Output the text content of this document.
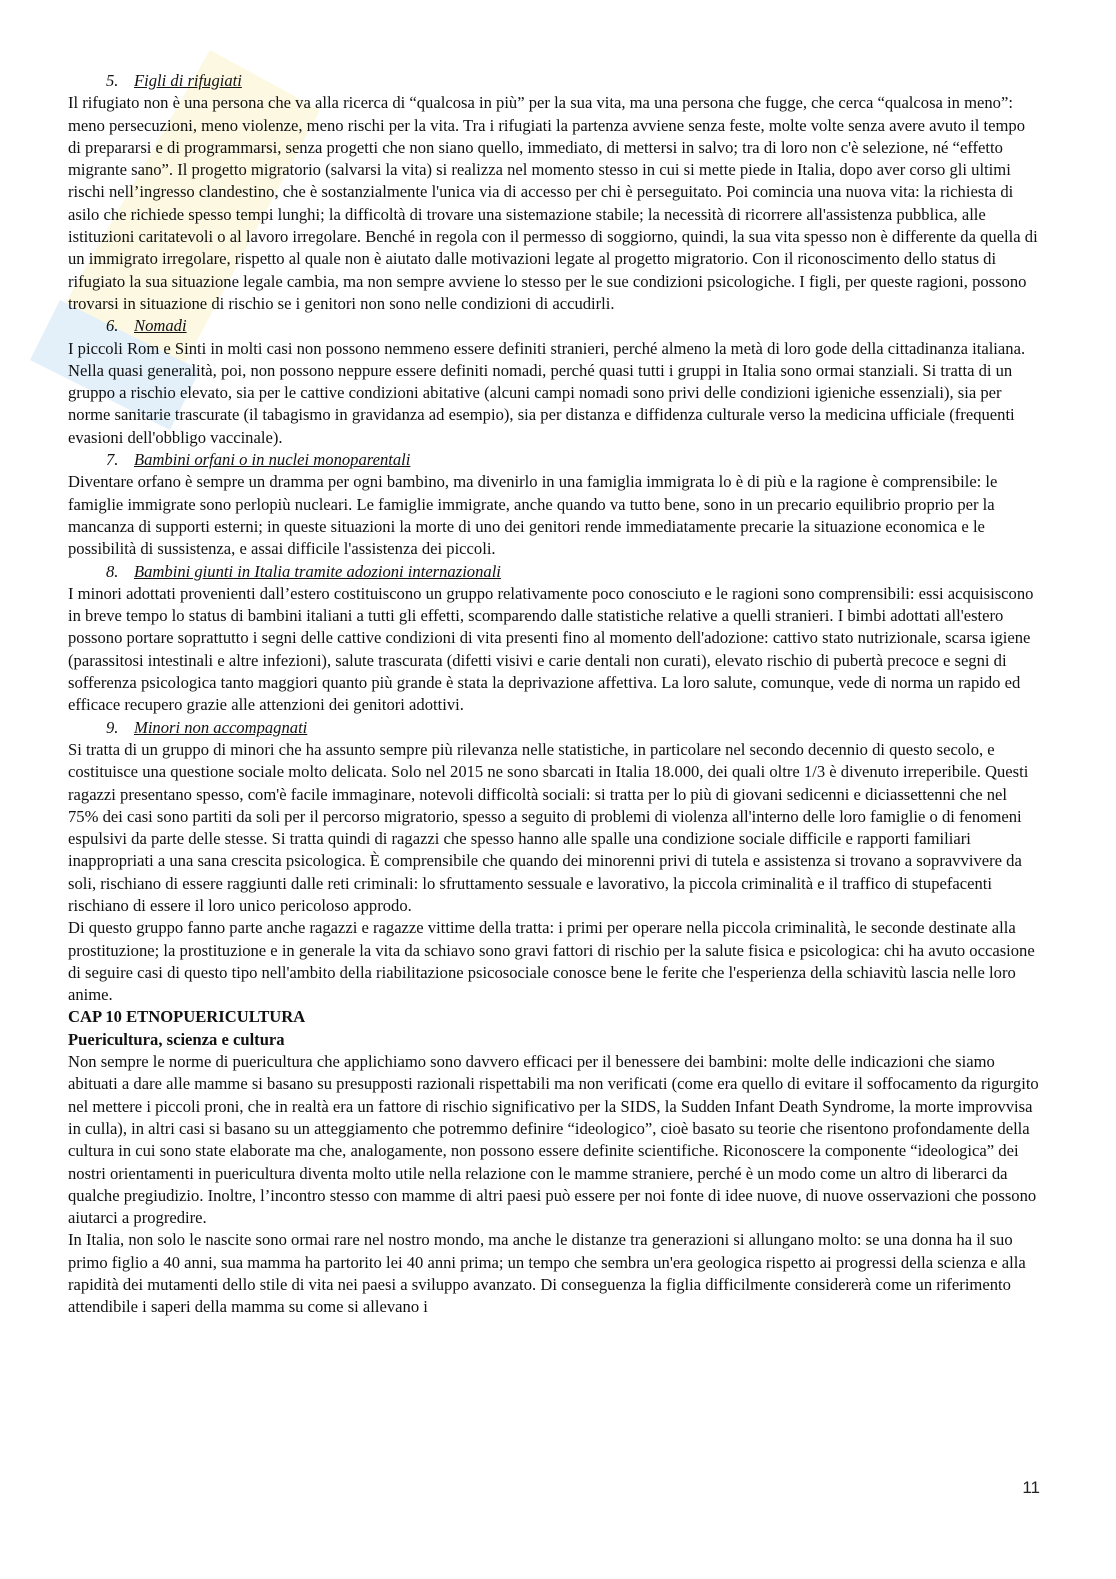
5. Figli di rifugiati

Il rifugiato non è una persona che va alla ricerca di “qualcosa in più” per la sua vita, ma una persona che fugge, che cerca “qualcosa in meno”: meno persecuzioni, meno violenze, meno rischi per la vita. Tra i rifugiati la partenza avviene senza feste, molte volte senza avere avuto il tempo di prepararsi e di programmarsi, senza progetti che non siano quello, immediato, di mettersi in salvo; tra di loro non c'è selezione, né “effetto migrante sano”. Il progetto migratorio (salvarsi la vita) si realizza nel momento stesso in cui si mette piede in Italia, dopo aver corso gli ultimi rischi nell’ingresso clandestino, che è sostanzialmente l'unica via di accesso per chi è perseguitato. Poi comincia una nuova vita: la richiesta di asilo che richiede spesso tempi lunghi; la difficoltà di trovare una sistemazione stabile; la necessità di ricorrere all'assistenza pubblica, alle istituzioni caritatevoli o al lavoro irregolare. Benché in regola con il permesso di soggiorno, quindi, la sua vita spesso non è differente da quella di un immigrato irregolare, rispetto al quale non è aiutato dalle motivazioni legate al progetto migratorio. Con il riconoscimento dello status di rifugiato la sua situazione legale cambia, ma non sempre avviene lo stesso per le sue condizioni psicologiche. I figli, per queste ragioni, possono trovarsi in situazione di rischio se i genitori non sono nelle condizioni di accudirli.

6. Nomadi

I piccoli Rom e Sinti in molti casi non possono nemmeno essere definiti stranieri, perché almeno la metà di loro gode della cittadinanza italiana. Nella quasi generalità, poi, non possono neppure essere definiti nomadi, perché quasi tutti i gruppi in Italia sono ormai stanziali. Si tratta di un gruppo a rischio elevato, sia per le cattive condizioni abitative (alcuni campi nomadi sono privi delle condizioni igieniche essenziali), sia per norme sanitarie trascurate (il tabagismo in gravidanza ad esempio), sia per distanza e diffidenza culturale verso la medicina ufficiale (frequenti evasioni dell'obbligo vaccinale).

7. Bambini orfani o in nuclei monoparentali

Diventare orfano è sempre un dramma per ogni bambino, ma divenirlo in una famiglia immigrata lo è di più e la ragione è comprensibile: le famiglie immigrate sono perlopiù nucleari. Le famiglie immigrate, anche quando va tutto bene, sono in un precario equilibrio proprio per la mancanza di supporti esterni; in queste situazioni la morte di uno dei genitori rende immediatamente precarie la situazione economica e le possibilità di sussistenza, e assai difficile l'assistenza dei piccoli.

8. Bambini giunti in Italia tramite adozioni internazionali

I minori adottati provenienti dall’estero costituiscono un gruppo relativamente poco conosciuto e le ragioni sono comprensibili: essi acquisiscono in breve tempo lo status di bambini italiani a tutti gli effetti, scomparendo dalle statistiche relative a quelli stranieri. I bimbi adottati all'estero possono portare soprattutto i segni delle cattive condizioni di vita presenti fino al momento dell'adozione: cattivo stato nutrizionale, scarsa igiene (parassitosi intestinali e altre infezioni), salute trascurata (difetti visivi e carie dentali non curati), elevato rischio di pubertà precoce e segni di sofferenza psicologica tanto maggiori quanto più grande è stata la deprivazione affettiva. La loro salute, comunque, vede di norma un rapido ed efficace recupero grazie alle attenzioni dei genitori adottivi.

9. Minori non accompagnati

Si tratta di un gruppo di minori che ha assunto sempre più rilevanza nelle statistiche, in particolare nel secondo decennio di questo secolo, e costituisce una questione sociale molto delicata. Solo nel 2015 ne sono sbarcati in Italia 18.000, dei quali oltre 1/3 è divenuto irreperibile. Questi ragazzi presentano spesso, com'è facile immaginare, notevoli difficoltà sociali: si tratta per lo più di giovani sedicenni e diciassettenni che nel 75% dei casi sono partiti da soli per il percorso migratorio, spesso a seguito di problemi di violenza all'interno delle loro famiglie o di fenomeni espulsivi da parte delle stesse. Si tratta quindi di ragazzi che spesso hanno alle spalle una condizione sociale difficile e rapporti familiari inappropriati a una sana crescita psicologica. È comprensibile che quando dei minorenni privi di tutela e assistenza si trovano a sopravvivere da soli, rischiano di essere raggiunti dalle reti criminali: lo sfruttamento sessuale e lavorativo, la piccola criminalità e il traffico di stupefacenti rischiano di essere il loro unico pericoloso approdo.

Di questo gruppo fanno parte anche ragazzi e ragazze vittime della tratta: i primi per operare nella piccola criminalità, le seconde destinate alla prostituzione; la prostituzione e in generale la vita da schiavo sono gravi fattori di rischio per la salute fisica e psicologica: chi ha avuto occasione di seguire casi di questo tipo nell'ambito della riabilitazione psicosociale conosce bene le ferite che l'esperienza della schiavitù lascia nelle loro anime.

CAP 10 ETNOPUERICULTURA

Puericultura, scienza e cultura

Non sempre le norme di puericultura che applichiamo sono davvero efficaci per il benessere dei bambini: molte delle indicazioni che siamo abituati a dare alle mamme si basano su presupposti razionali rispettabili ma non verificati (come era quello di evitare il soffocamento da rigurgito nel mettere i piccoli proni, che in realtà era un fattore di rischio significativo per la SIDS, la Sudden Infant Death Syndrome, la morte improvvisa in culla), in altri casi si basano su un atteggiamento che potremmo definire “ideologico”, cioè basato su teorie che risentono profondamente della cultura in cui sono state elaborate ma che, analogamente, non possono essere definite scientifiche. Riconoscere la componente “ideologica” dei nostri orientamenti in puericultura diventa molto utile nella relazione con le mamme straniere, perché è un modo come un altro di liberarci da qualche pregiudizio. Inoltre, l’incontro stesso con mamme di altri paesi può essere per noi fonte di idee nuove, di nuove osservazioni che possono aiutarci a progredire.

In Italia, non solo le nascite sono ormai rare nel nostro mondo, ma anche le distanze tra generazioni si allungano molto: se una donna ha il suo primo figlio a 40 anni, sua mamma ha partorito lei 40 anni prima; un tempo che sembra un'era geologica rispetto ai progressi della scienza e alla rapidità dei mutamenti dello stile di vita nei paesi a sviluppo avanzato. Di conseguenza la figlia difficilmente considererà come un riferimento attendibile i saperi della mamma su come si allevano i

11
